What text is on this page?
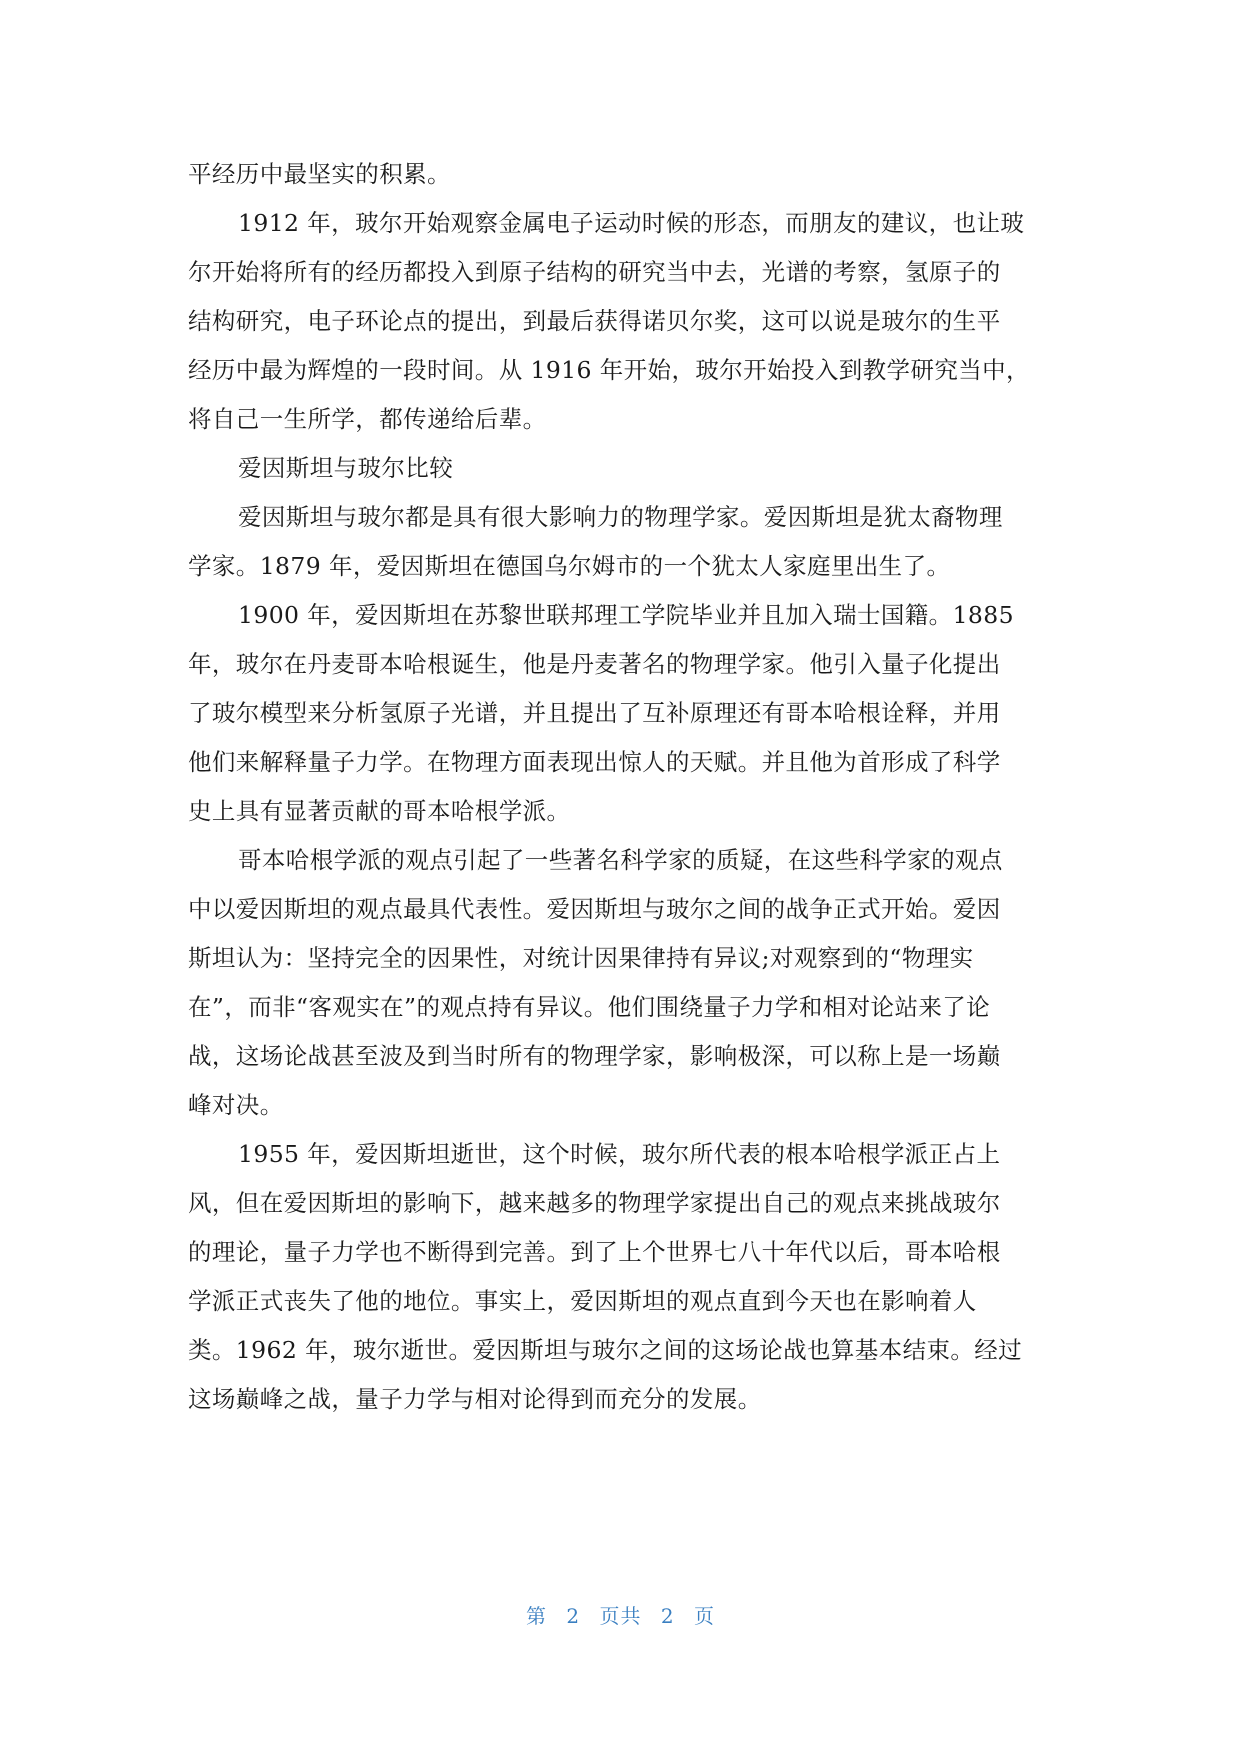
平经历中最坚实的积累。

1912 年，玻尔开始观察金属电子运动时候的形态，而朋友的建议，也让玻
尔开始将所有的经历都投入到原子结构的研究当中去，光谱的考察，氢原子的
结构研究，电子环论点的提出，到最后获得诺贝尔奖，这可以说是玻尔的生平
经历中最为辉煌的一段时间。从 1916 年开始，玻尔开始投入到教学研究当中，
将自己一生所学，都传递给后辈。

爱因斯坦与玻尔比较

爱因斯坦与玻尔都是具有很大影响力的物理学家。爱因斯坦是犹太裔物理
学家。1879 年，爱因斯坦在德国乌尔姆市的一个犹太人家庭里出生了。

1900 年，爱因斯坦在苏黎世联邦理工学院毕业并且加入瑞士国籍。1885
年，玻尔在丹麦哥本哈根诞生，他是丹麦著名的物理学家。他引入量子化提出
了玻尔模型来分析氢原子光谱，并且提出了互补原理还有哥本哈根诠释，并用
他们来解释量子力学。在物理方面表现出惊人的天赋。并且他为首形成了科学
史上具有显著贡献的哥本哈根学派。

哥本哈根学派的观点引起了一些著名科学家的质疑，在这些科学家的观点
中以爱因斯坦的观点最具代表性。爱因斯坦与玻尔之间的战争正式开始。爱因
斯坦认为：坚持完全的因果性，对统计因果律持有异议;对观察到的“物理实
在”，而非“客观实在”的观点持有异议。他们围绕量子力学和相对论站来了论
战，这场论战甚至波及到当时所有的物理学家，影响极深，可以称上是一场巅
峰对决。

1955 年，爱因斯坦逝世，这个时候，玻尔所代表的根本哈根学派正占上
风，但在爱因斯坦的影响下，越来越多的物理学家提出自己的观点来挑战玻尔
的理论，量子力学也不断得到完善。到了上个世界七八十年代以后，哥本哈根
学派正式丧失了他的地位。事实上，爱因斯坦的观点直到今天也在影响着人
类。1962 年，玻尔逝世。爱因斯坦与玻尔之间的这场论战也算基本结束。经过
这场巅峰之战，量子力学与相对论得到而充分的发展。

第 2 页共 2 页
